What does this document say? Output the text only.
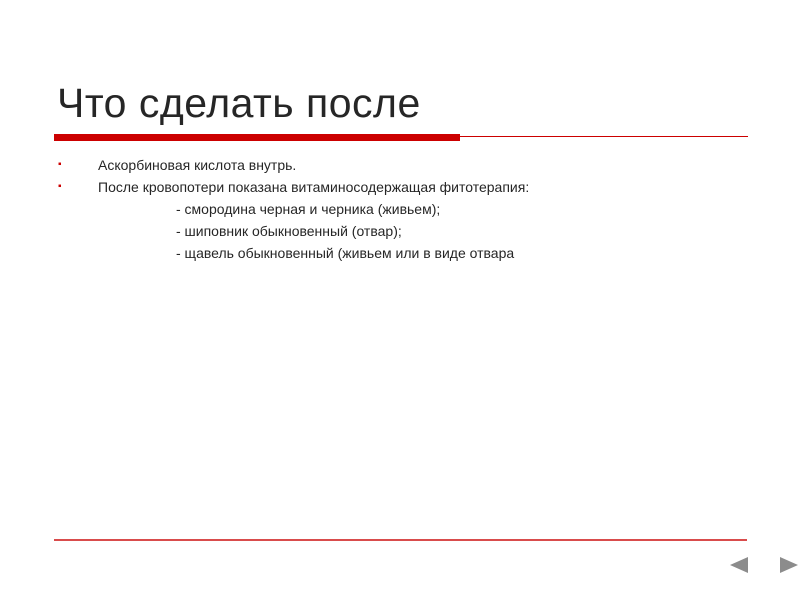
Что сделать после
▪	Аскорбиновая кислота внутрь.
▪	После кровопотери показана витаминосодержащая фитотерапия:
- смородина черная и черника (живьем);
- шиповник обыкновенный (отвар);
- щавель обыкновенный (живьем или в виде отвара
